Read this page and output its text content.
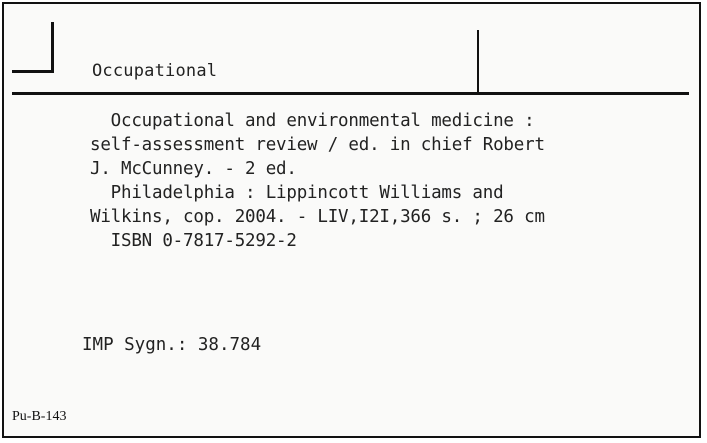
Occupational
Occupational and environmental medicine :
self-assessment review / ed. in chief Robert
J. McCunney. - 2 ed.
Philadelphia : Lippincott Williams and
Wilkins, cop. 2004. - LIV,I2I,366 s. ; 26 cm
ISBN 0-7817-5292-2
IMP Sygn.: 38.784
Pu-B-143
